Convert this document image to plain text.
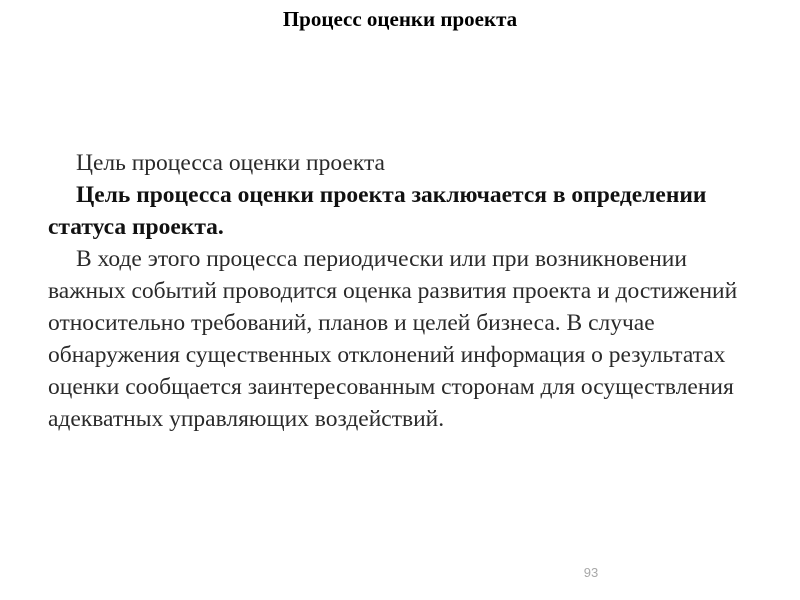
Процесс оценки проекта

Цель процесса оценки проекта

Цель процесса оценки проекта заключается в определении статуса проекта.

В ходе этого процесса периодически или при возникновении важных событий проводится оценка развития проекта и достижений относительно требований, планов и целей бизнеса. В случае обнаружения существенных отклонений информация о результатах оценки сообщается заинтересованным сторонам для осуществления адекватных управляющих воздействий.

93
